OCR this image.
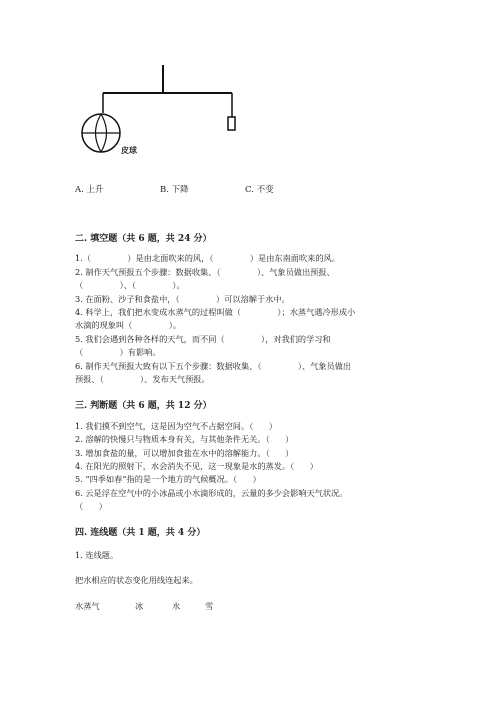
皮球
A. 上升	B. 下降	C. 不变
二. 填空题（共 6 题，共 24 分）
1.（              ）是由北面吹来的风，（              ）是由东南面吹来的风。
2. 制作天气预报五个步骤：数据收集、（              ）、气象员做出预报、
（              ）、（              ）。
3. 在面粉、沙子和食盐中，（              ）可以溶解于水中。
4. 科学上，我们把水变成水蒸气的过程叫做（              ）；水蒸气遇冷形成小
水滴的现象叫（              ）。
5. 我们会遇到各种各样的天气，而不同（              ），对我们的学习和
（              ）有影响。
6. 制作天气预报大致有以下五个步骤：数据收集、（              ）、气象员做出
预报、（              ）、发布天气预报。
三. 判断题（共 6 题，共 12 分）
1. 我们摸不到空气，这是因为空气不占据空间。（      ）
2. 溶解的快慢只与物质本身有关，与其他条件无关。（      ）
3. 增加食盐的量，可以增加食盐在水中的溶解能力。（      ）
4. 在阳光的照射下，水会消失不见，这一现象是水的蒸发。（      ）
5. “四季如春”指的是一个地方的气候概况。（      ）
6. 云是浮在空气中的小冰晶或小水滴形成的，云量的多少会影响天气状况。
（      ）
四. 连线题（共 1 题，共 4 分）
1. 连线题。
把水相应的状态变化用线连起来。
水蒸气	冰	水	雪
